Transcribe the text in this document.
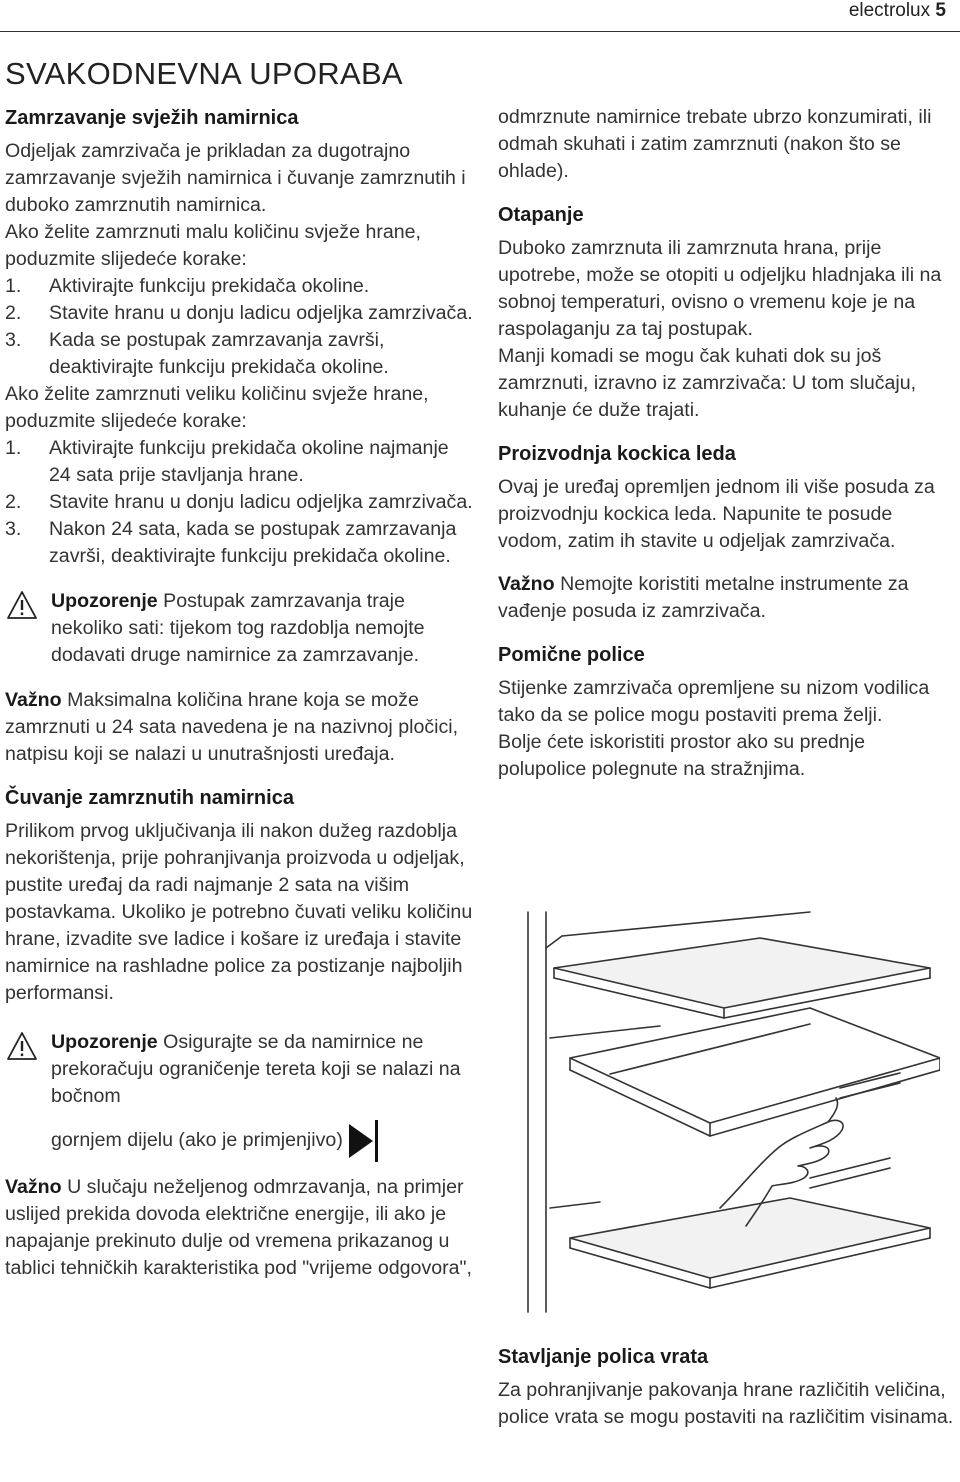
electrolux 5
SVAKODNEVNA UPORABA

Zamrzavanje svježih namirnica

Odjeljak zamrzivača je prikladan za dugotrajno zamrzavanje svježih namirnica i čuvanje zamrznutih i duboko zamrznutih namirnica.

Ako želite zamrznuti malu količinu svježe hrane, poduzmite slijedeće korake:

1. Aktivirajte funkciju prekidača okoline.
2. Stavite hranu u donju ladicu odjeljka zamrzivača.
3. Kada se postupak zamrzavanja završi, deaktivirajte funkciju prekidača okoline.

Ako želite zamrznuti veliku količinu svježe hrane, poduzmite slijedeće korake:

1. Aktivirajte funkciju prekidača okoline najmanje 24 sata prije stavljanja hrane.
2. Stavite hranu u donju ladicu odjeljka zamrzivača.
3. Nakon 24 sata, kada se postupak zamrzavanja završi, deaktivirajte funkciju prekidača okoline.

Upozorenje Postupak zamrzavanja traje nekoliko sati: tijekom tog razdoblja nemojte dodavati druge namirnice za zamrzavanje.

Važno Maksimalna količina hrane koja se može zamrznuti u 24 sata navedena je na nazivnoj pločici, natpisu koji se nalazi u unutrašnjosti uređaja.

Čuvanje zamrznutih namirnica

Prilikom prvog uključivanja ili nakon dužeg razdoblja nekorištenja, prije pohranjivanja proizvoda u odjeljak, pustite uređaj da radi najmanje 2 sata na višim postavkama. Ukoliko je potrebno čuvati veliku količinu hrane, izvadite sve ladice i košare iz uređaja i stavite namirnice na rashladne police za postizanje najboljih performansi.

Upozorenje Osigurajte se da namirnice ne prekoračuju ograničenje tereta koji se nalazi na bočnom

gornjem dijelu (ako je primjenjivo)

Važno U slučaju neželjenog odmrzavanja, na primjer uslijed prekida dovoda električne energije, ili ako je napajanje prekinuto dulje od vremena prikazanog u tablici tehničkih karakteristika pod "vrijeme odgovora",

odmrznute namirnice trebate ubrzo konzumirati, ili odmah skuhati i zatim zamrznuti (nakon što se ohlade).

Otapanje

Duboko zamrznuta ili zamrznuta hrana, prije upotrebe, može se otopiti u odjeljku hladnjaka ili na sobnoj temperaturi, ovisno o vremenu koje je na raspolaganju za taj postupak.

Manji komadi se mogu čak kuhati dok su još zamrznuti, izravno iz zamrzivača: U tom slučaju, kuhanje će duže trajati.

Proizvodnja kockica leda

Ovaj je uređaj opremljen jednom ili više posuda za proizvodnju kockica leda. Napunite te posude vodom, zatim ih stavite u odjeljak zamrzivača.

Važno Nemojte koristiti metalne instrumente za vađenje posuda iz zamrzivača.

Pomične police

Stijenke zamrzivača opremljene su nizom vodilica tako da se police mogu postaviti prema želji.

Bolje ćete iskoristiti prostor ako su prednje polupolice polegnute na stražnjima.

Stavljanje polica vrata

Za pohranjivanje pakovanja hrane različitih veličina, police vrata se mogu postaviti na različitim visinama.
